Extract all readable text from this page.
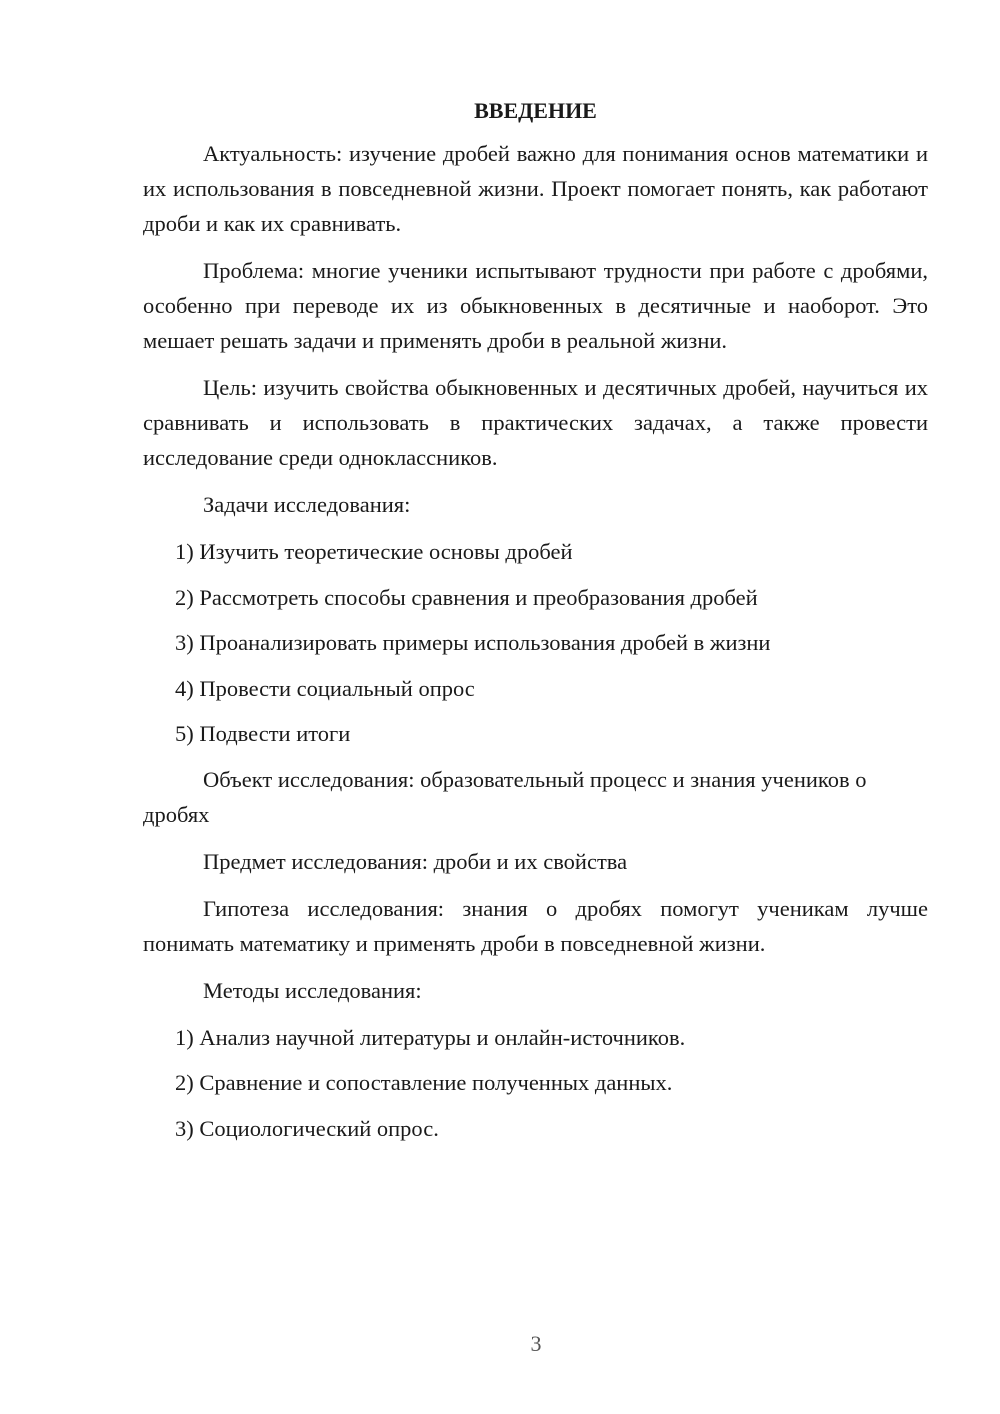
ВВЕДЕНИЕ

Актуальность: изучение дробей важно для понимания основ математики и их использования в повседневной жизни. Проект помогает понять, как работают дроби и как их сравнивать.

Проблема: многие ученики испытывают трудности при работе с дробями, особенно при переводе их из обыкновенных в десятичные и наоборот. Это мешает решать задачи и применять дроби в реальной жизни.

Цель: изучить свойства обыкновенных и десятичных дробей, научиться их сравнивать и использовать в практических задачах, а также провести исследование среди одноклассников.

Задачи исследования:

1) Изучить теоретические основы дробей
2) Рассмотреть способы сравнения и преобразования дробей
3) Проанализировать примеры использования дробей в жизни
4) Провести социальный опрос
5) Подвести итоги

Объект исследования: образовательный процесс и знания учеников о дробях

Предмет исследования: дроби и их свойства

Гипотеза исследования: знания о дробях помогут ученикам лучше понимать математику и применять дроби в повседневной жизни.

Методы исследования:

1) Анализ научной литературы и онлайн-источников.
2) Сравнение и сопоставление полученных данных.
3) Социологический опрос.
3
